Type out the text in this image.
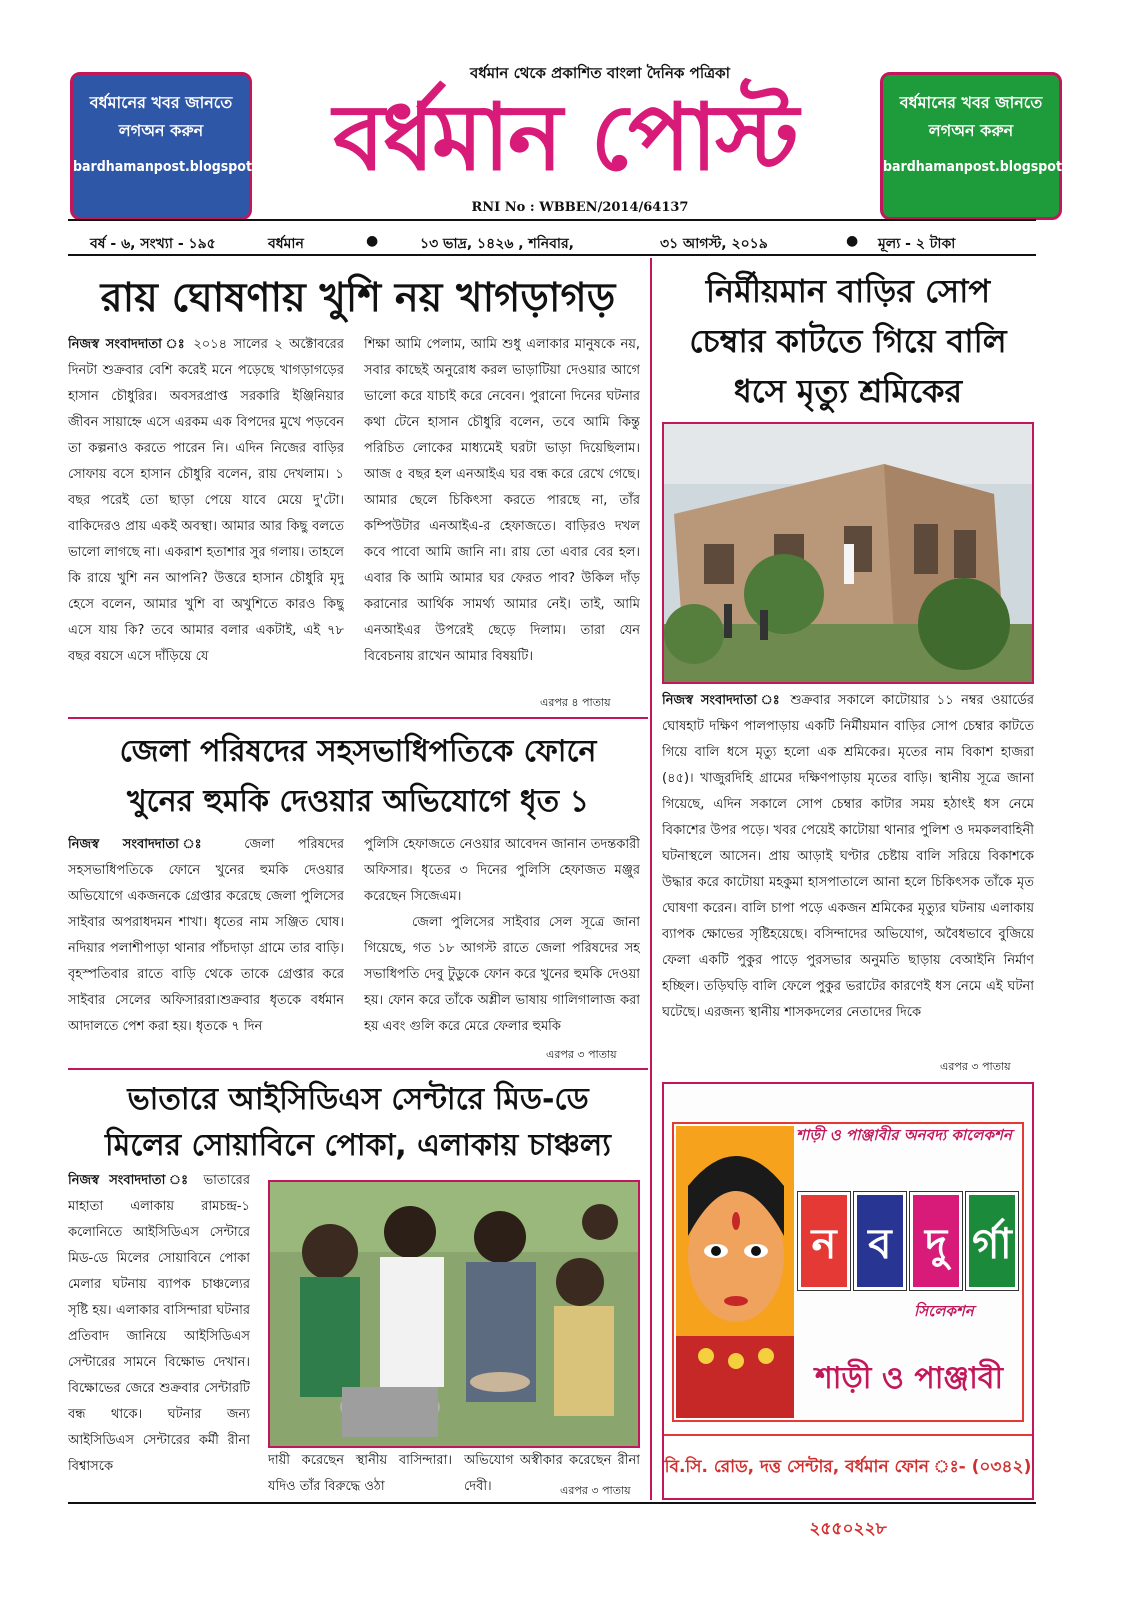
বর্ধমানের খবর জানতে
লগঅন করুন
bardhamanpost.blogspot.in
বর্ধমানের খবর জানতে
লগঅন করুন
bardhamanpost.blogspot.in
বর্ধমান থেকে প্রকাশিত বাংলা দৈনিক পত্রিকা
বর্ধমান পোস্ট
RNI No : WBBEN/2014/64137
বর্ষ - ৬, সংখ্যা - ১৯৫	বর্ধমান	●	১৩ ভাদ্র, ১৪২৬ , শনিবার,	৩১ আগস্ট, ২০১৯	● মূল্য - ২ টাকা
রায় ঘোষণায় খুশি নয় খাগড়াগড়
নিজস্ব সংবাদদাতা ঃ ২০১৪ সালের ২ অক্টোবরের দিনটা শুক্রবার বেশি করেই মনে পড়েছে খাগড়াগড়ের হাসান চৌধুরির। অবসরপ্রাপ্ত সরকারি ইঞ্জিনিয়ার জীবন সায়াহ্নে এসে এরকম এক বিপদের মুখে পড়বেন তা কল্পনাও করতে পারেন নি। এদিন নিজের বাড়ির সোফায় বসে হাসান চৌধুরি বলেন, রায় দেখলাম। ১ বছর পরেই তো ছাড়া পেয়ে যাবে মেয়ে দু'টো। বাকিদেরও প্রায় একই অবস্থা। আমার আর কিছু বলতে ভালো লাগছে না। একরাশ হতাশার সুর গলায়। তাহলে কি রায়ে খুশি নন আপনি? উত্তরে হাসান চৌধুরি মৃদু হেসে বলেন, আমার খুশি বা অখুশিতে কারও কিছু এসে যায় কি? তবে আমার বলার একটাই, এই ৭৮ বছর বয়সে এসে দাঁড়িয়ে যে
শিক্ষা আমি পেলাম, আমি শুধু এলাকার মানুষকে নয়, সবার কাছেই অনুরোধ করল ভাড়াটিয়া দেওয়ার আগে ভালো করে যাচাই করে নেবেন। পুরানো দিনের ঘটনার কথা টেনে হাসান চৌধুরি বলেন, তবে আমি কিন্তু পরিচিত লোকের মাধ্যমেই ঘরটা ভাড়া দিয়েছিলাম। আজ ৫ বছর হল এনআইএ ঘর বন্ধ করে রেখে গেছে। আমার ছেলে চিকিৎসা করতে পারছে না, তাঁর কম্পিউটার এনআইএ-র হেফাজতে। বাড়িরও দখল কবে পাবো আমি জানি না। রায় তো এবার বের হল। এবার কি আমি আমার ঘর ফেরত পাব? উকিল দাঁড় করানোর আর্থিক সামর্থ্য আমার নেই। তাই, আমি এনআইএর উপরেই ছেড়ে দিলাম। তারা যেন বিবেচনায় রাখেন আমার বিষয়টি।
এরপর ৪ পাতায়
জেলা পরিষদের সহসভাধিপতিকে ফোনে
খুনের হুমকি দেওয়ার অভিযোগে ধৃত ১
নিজস্ব সংবাদদাতা ঃ জেলা পরিষদের সহসভাধিপতিকে ফোনে খুনের হুমকি দেওয়ার অভিযোগে একজনকে গ্রেপ্তার করেছে জেলা পুলিসের সাইবার অপরাধদমন শাখা। ধৃতের নাম সঞ্জিত ঘোষ। নদিয়ার পলাশীপাড়া থানার পাঁচদাড়া গ্রামে তার বাড়ি। বৃহস্পতিবার রাতে বাড়ি থেকে তাকে গ্রেপ্তার করে সাইবার সেলের অফিসাররা।শুক্রবার ধৃতকে বর্ধমান আদালতে পেশ করা হয়। ধৃতকে ৭ দিন
পুলিসি হেফাজতে নেওয়ার আবেদন জানান তদন্তকারী অফিসার। ধৃতের ৩ দিনের পুলিসি হেফাজত মঞ্জুর করেছেন সিজেএম।
জেলা পুলিসের সাইবার সেল সূত্রে জানা গিয়েছে, গত ১৮ আগস্ট রাতে জেলা পরিষদের সহ সভাধিপতি দেবু টুডুকে ফোন করে খুনের হুমকি দেওয়া হয়। ফোন করে তাঁকে অশ্লীল ভাষায় গালিগালাজ করা হয় এবং গুলি করে মেরে ফেলার হুমকি
এরপর ৩ পাতায়
নির্মীয়মান বাড়ির সোপ
চেম্বার কাটতে গিয়ে বালি
ধসে মৃত্যু শ্রমিকের
নিজস্ব সংবাদদাতা ঃ শুক্রবার সকালে কাটোয়ার ১১ নম্বর ওয়ার্ডের ঘোষহাট দক্ষিণ পালপাড়ায় একটি নির্মীয়মান বাড়ির সোপ চেম্বার কাটতে গিয়ে বালি ধসে মৃত্যু হলো এক শ্রমিকের। মৃতের নাম বিকাশ হাজরা (৪৫)। খাজুরদিহি গ্রামের দক্ষিণপাড়ায় মৃতের বাড়ি। স্থানীয় সূত্রে জানা গিয়েছে, এদিন সকালে সোপ চেম্বার কাটার সময় হঠাৎই ধস নেমে বিকাশের উপর পড়ে। খবর পেয়েই কাটোয়া থানার পুলিশ ও দমকলবাহিনী ঘটনাস্থলে আসেন। প্রায় আড়াই ঘণ্টার চেষ্টায় বালি সরিয়ে বিকাশকে উদ্ধার করে কাটোয়া মহকুমা হাসপাতালে আনা হলে চিকিৎসক তাঁকে মৃত ঘোষণা করেন। বালি চাপা পড়ে একজন শ্রমিকের মৃত্যুর ঘটনায় এলাকায় ব্যাপক ক্ষোভের সৃষ্টিহয়েছে। বসিন্দাদের অভিযোগ, অবৈধভাবে বুজিয়ে ফেলা একটি পুকুর পাড়ে পুরসভার অনুমতি ছাড়ায় বেআইনি নির্মাণ হচ্ছিল। তড়িঘড়ি বালি ফেলে পুকুর ভরাটের কারণেই ধস নেমে এই ঘটনা ঘটেছে। এরজন্য স্থানীয় শাসকদলের নেতাদের দিকে
এরপর ৩ পাতায়
ভাতারে আইসিডিএস সেন্টারে মিড-ডে
মিলের সোয়াবিনে পোকা, এলাকায় চাঞ্চল্য
নিজস্ব সংবাদদাতা ঃ ভাতারের মাহাতা এলাকায় রামচন্দ্র-১ কলোনিতে আইসিডিএস সেন্টারে মিড-ডে মিলের সোয়াবিনে পোকা মেলার ঘটনায় ব্যাপক চাঞ্চল্যের সৃষ্টি হয়। এলাকার বাসিন্দারা ঘটনার প্রতিবাদ জানিয়ে আইসিডিএস সেন্টারের সামনে বিক্ষোভ দেখান। বিক্ষোভের জেরে শুক্রবার সেন্টারটি বন্ধ থাকে। ঘটনার জন্য আইসিডিএস সেন্টারের কর্মী রীনা বিশ্বাসকে	দায়ী করেছেন স্থানীয় বাসিন্দারা। যদিও তাঁর বিরুদ্ধে ওঠা
অভিযোগ অস্বীকার করেছেন রীনা দেবী।	এরপর ৩ পাতায়
শাড়ী ও পাঞ্জাবীর অনবদ্য কালেকশন
ন ব দু র্গা
সিলেকশন
শাড়ী ও পাঞ্জাবী
বি.সি. রোড, দত্ত সেন্টার, বর্ধমান ফোন ঃ- (০৩৪২) ২৫৫০২২৮
